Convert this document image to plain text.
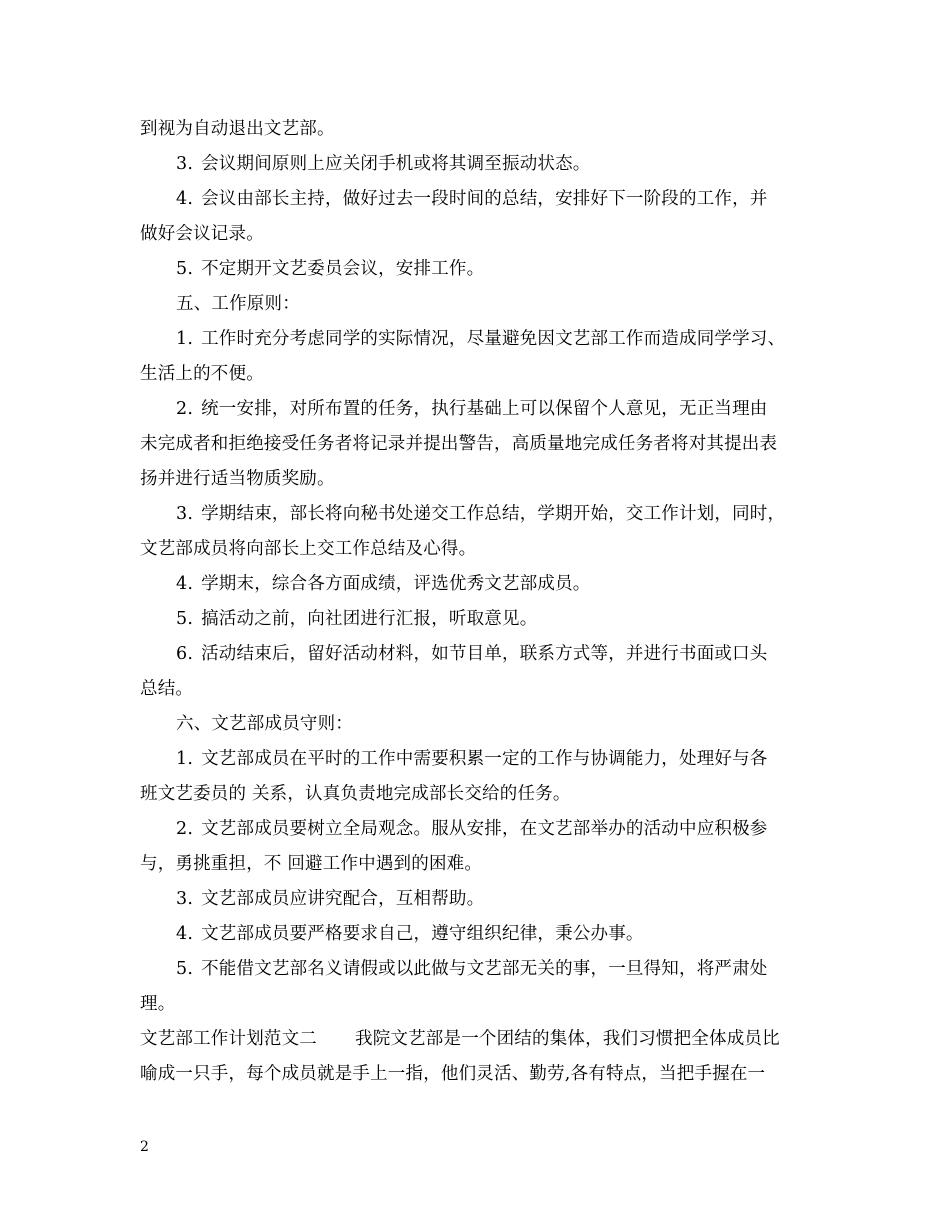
到视为自动退出文艺部。
3. 会议期间原则上应关闭手机或将其调至振动状态。
4. 会议由部长主持，做好过去一段时间的总结，安排好下一阶段的工作，并
做好会议记录。
5. 不定期开文艺委员会议，安排工作。
五、工作原则：
1. 工作时充分考虑同学的实际情况，尽量避免因文艺部工作而造成同学学习、
生活上的不便。
2. 统一安排，对所布置的任务，执行基础上可以保留个人意见，无正当理由
未完成者和拒绝接受任务者将记录并提出警告，高质量地完成任务者将对其提出表
扬并进行适当物质奖励。
3. 学期结束，部长将向秘书处递交工作总结，学期开始，交工作计划，同时，
文艺部成员将向部长上交工作总结及心得。
4. 学期末，综合各方面成绩，评选优秀文艺部成员。
5. 搞活动之前，向社团进行汇报，听取意见。
6. 活动结束后，留好活动材料，如节目单，联系方式等，并进行书面或口头
总结。
六、文艺部成员守则：
1. 文艺部成员在平时的工作中需要积累一定的工作与协调能力，处理好与各
班文艺委员的 关系，认真负责地完成部长交给的任务。
2. 文艺部成员要树立全局观念。服从安排，在文艺部举办的活动中应积极参
与，勇挑重担，不 回避工作中遇到的困难。
3. 文艺部成员应讲究配合，互相帮助。
4. 文艺部成员要严格要求自己，遵守组织纪律，秉公办事。
5. 不能借文艺部名义请假或以此做与文艺部无关的事，一旦得知，将严肃处
理。
文艺部工作计划范文二 我院文艺部是一个团结的集体，我们习惯把全体成员比
喻成一只手，每个成员就是手上一指，他们灵活、勤劳,各有特点，当把手握在一
2
